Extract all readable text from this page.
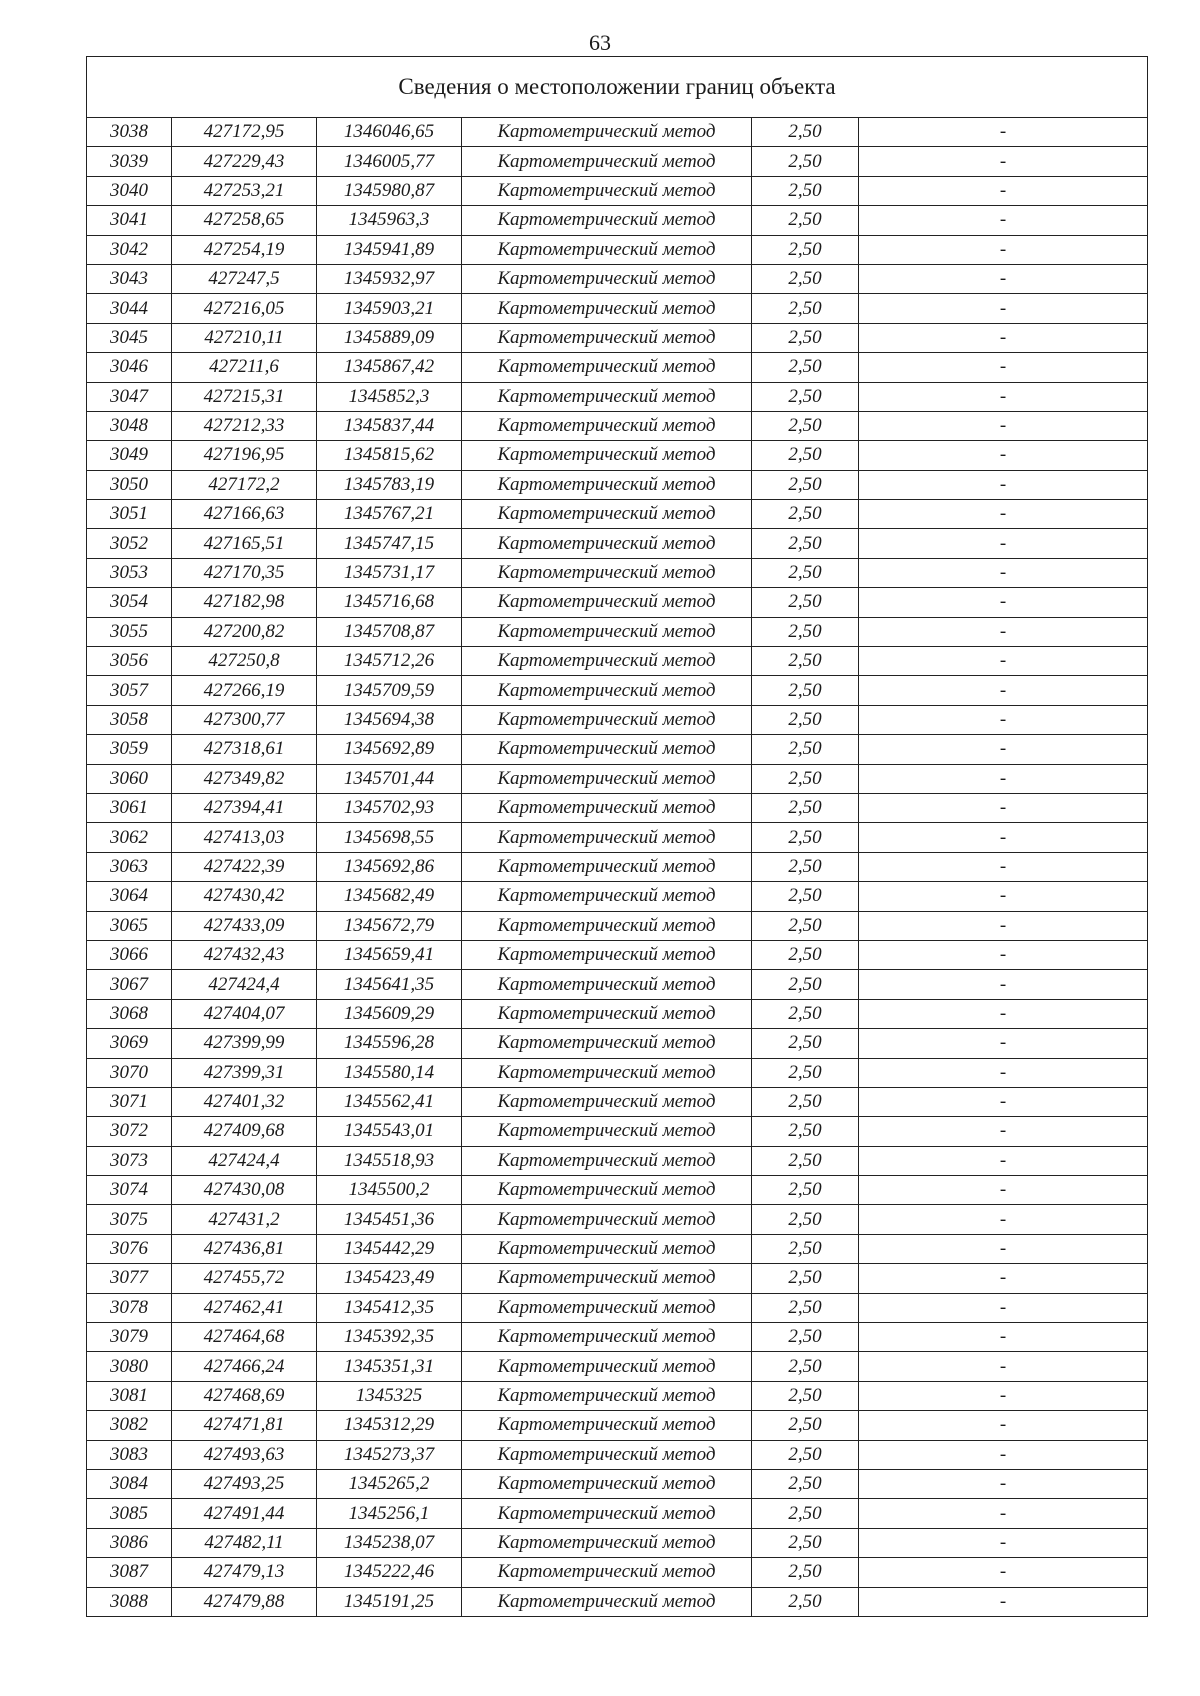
63
Сведения о местоположении границ объекта					
3038	427172,95	1346046,65	Картометрический метод	2,50	-
3039	427229,43	1346005,77	Картометрический метод	2,50	-
3040	427253,21	1345980,87	Картометрический метод	2,50	-
3041	427258,65	1345963,3	Картометрический метод	2,50	-
3042	427254,19	1345941,89	Картометрический метод	2,50	-
3043	427247,5	1345932,97	Картометрический метод	2,50	-
3044	427216,05	1345903,21	Картометрический метод	2,50	-
3045	427210,11	1345889,09	Картометрический метод	2,50	-
3046	427211,6	1345867,42	Картометрический метод	2,50	-
3047	427215,31	1345852,3	Картометрический метод	2,50	-
3048	427212,33	1345837,44	Картометрический метод	2,50	-
3049	427196,95	1345815,62	Картометрический метод	2,50	-
3050	427172,2	1345783,19	Картометрический метод	2,50	-
3051	427166,63	1345767,21	Картометрический метод	2,50	-
3052	427165,51	1345747,15	Картометрический метод	2,50	-
3053	427170,35	1345731,17	Картометрический метод	2,50	-
3054	427182,98	1345716,68	Картометрический метод	2,50	-
3055	427200,82	1345708,87	Картометрический метод	2,50	-
3056	427250,8	1345712,26	Картометрический метод	2,50	-
3057	427266,19	1345709,59	Картометрический метод	2,50	-
3058	427300,77	1345694,38	Картометрический метод	2,50	-
3059	427318,61	1345692,89	Картометрический метод	2,50	-
3060	427349,82	1345701,44	Картометрический метод	2,50	-
3061	427394,41	1345702,93	Картометрический метод	2,50	-
3062	427413,03	1345698,55	Картометрический метод	2,50	-
3063	427422,39	1345692,86	Картометрический метод	2,50	-
3064	427430,42	1345682,49	Картометрический метод	2,50	-
3065	427433,09	1345672,79	Картометрический метод	2,50	-
3066	427432,43	1345659,41	Картометрический метод	2,50	-
3067	427424,4	1345641,35	Картометрический метод	2,50	-
3068	427404,07	1345609,29	Картометрический метод	2,50	-
3069	427399,99	1345596,28	Картометрический метод	2,50	-
3070	427399,31	1345580,14	Картометрический метод	2,50	-
3071	427401,32	1345562,41	Картометрический метод	2,50	-
3072	427409,68	1345543,01	Картометрический метод	2,50	-
3073	427424,4	1345518,93	Картометрический метод	2,50	-
3074	427430,08	1345500,2	Картометрический метод	2,50	-
3075	427431,2	1345451,36	Картометрический метод	2,50	-
3076	427436,81	1345442,29	Картометрический метод	2,50	-
3077	427455,72	1345423,49	Картометрический метод	2,50	-
3078	427462,41	1345412,35	Картометрический метод	2,50	-
3079	427464,68	1345392,35	Картометрический метод	2,50	-
3080	427466,24	1345351,31	Картометрический метод	2,50	-
3081	427468,69	1345325	Картометрический метод	2,50	-
3082	427471,81	1345312,29	Картометрический метод	2,50	-
3083	427493,63	1345273,37	Картометрический метод	2,50	-
3084	427493,25	1345265,2	Картометрический метод	2,50	-
3085	427491,44	1345256,1	Картометрический метод	2,50	-
3086	427482,11	1345238,07	Картометрический метод	2,50	-
3087	427479,13	1345222,46	Картометрический метод	2,50	-
3088	427479,88	1345191,25	Картометрический метод	2,50	-
